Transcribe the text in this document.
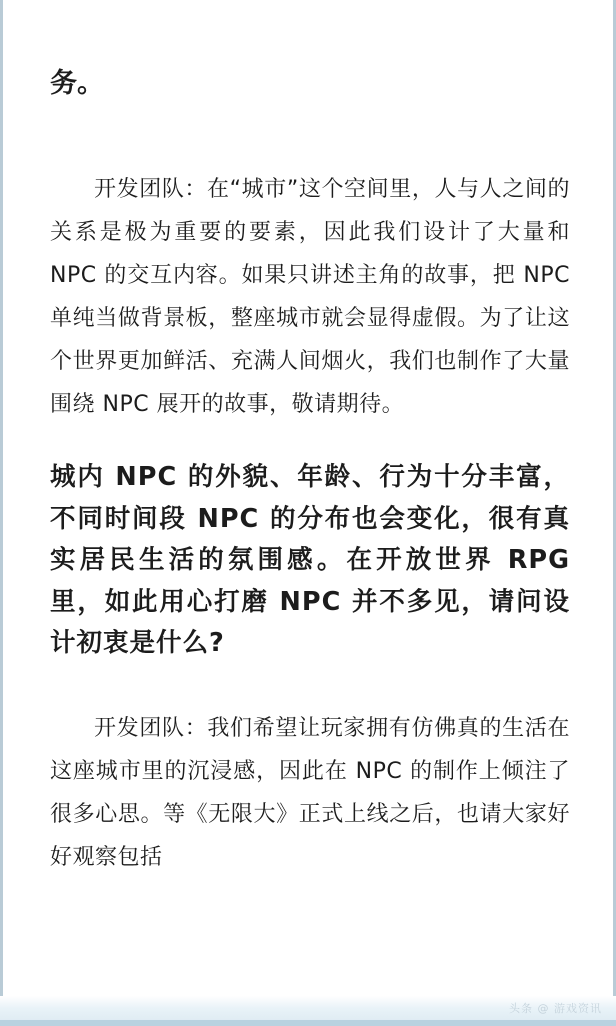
务。

开发团队：在“城市”这个空间里，人与人之间的关系是极为重要的要素，因此我们设计了大量和 NPC 的交互内容。如果只讲述主角的故事，把 NPC 单纯当做背景板，整座城市就会显得虚假。为了让这个世界更加鲜活、充满人间烟火，我们也制作了大量围绕 NPC 展开的故事，敬请期待。

城内 NPC 的外貌、年龄、行为十分丰富，不同时间段 NPC 的分布也会变化，很有真实居民生活的氛围感。在开放世界 RPG 里，如此用心打磨 NPC 并不多见，请问设计初衷是什么?

开发团队：我们希望让玩家拥有仿佛真的生活在这座城市里的沉浸感，因此在 NPC 的制作上倾注了很多心思。等《无限大》正式上线之后，也请大家好好观察包括

头条 @ 游戏资讯
